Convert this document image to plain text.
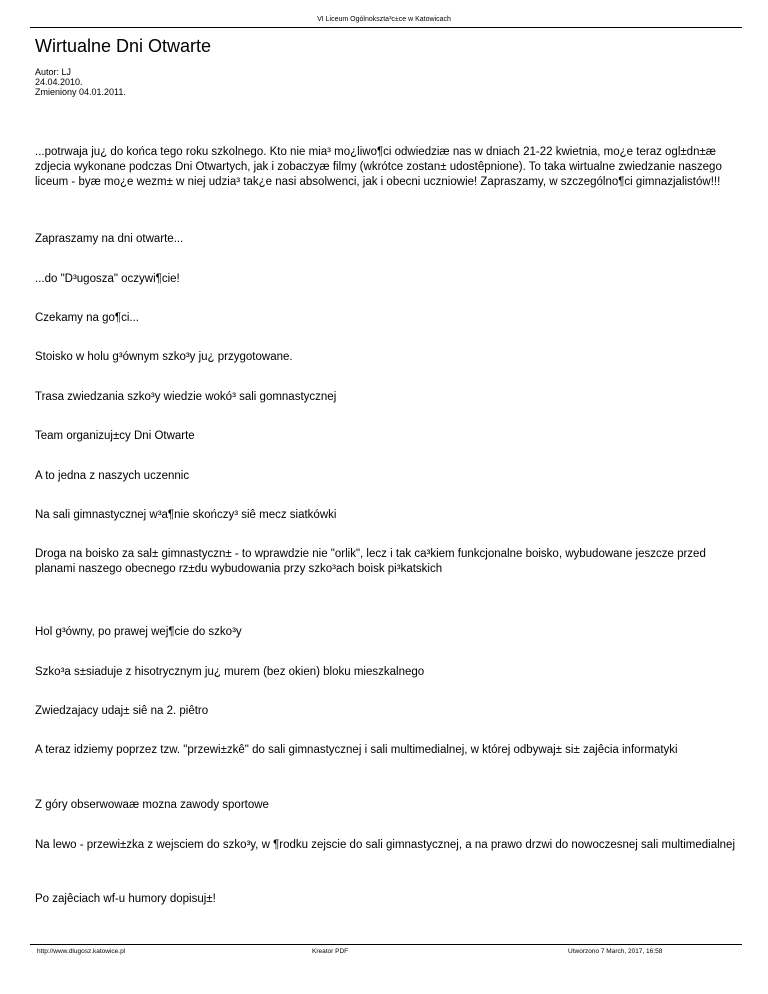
VI Liceum Ogólnokszta³c±ce w Katowicach
Wirtualne Dni Otwarte
Autor: LJ
24.04.2010.
Zmieniony 04.01.2011.

...potrwaja ju¿ do końca tego roku szkolnego. Kto nie mia³ mo¿liwo¶ci odwiedziæ nas w dniach 21-22 kwietnia, mo¿e teraz ogl±dn±æ zdjecia wykonane podczas Dni Otwartych, jak i zobaczyæ filmy (wkrótce zostan± udostêpnione). To taka wirtualne zwiedzanie naszego liceum - byæ mo¿e wezm± w niej udzia³ tak¿e nasi absolwenci, jak i obecni uczniowie! Zapraszamy, w szczególno¶ci gimnazjalistów!!!

Zapraszamy na dni otwarte...

...do "D³ugosza" oczywi¶cie!

Czekamy na go¶ci...

Stoisko w holu g³ównym szko³y ju¿ przygotowane.

Trasa zwiedzania szko³y wiedzie wokó³ sali gomnastycznej

Team organizuj±cy Dni Otwarte

A to jedna z naszych uczennic

Na sali gimnastycznej w³a¶nie skończy³ siê mecz siatkówki

Droga na boisko za sal± gimnastyczn± - to wprawdzie nie "orlik", lecz i tak ca³kiem funkcjonalne boisko, wybudowane jeszcze przed planami naszego obecnego rz±du wybudowania przy szko³ach boisk pi³katskich

Hol g³ówny, po prawej wej¶cie do szko³y

Szko³a s±siaduje z hisotrycznym ju¿ murem (bez okien) bloku mieszkalnego

Zwiedzajacy udaj± siê na 2. piêtro

A teraz idziemy poprzez tzw. "przewi±zkê" do sali gimnastycznej i sali multimedialnej, w której odbywaj± si± zajêcia informatyki

Z góry obserwowaæ mozna zawody sportowe

Na lewo - przewi±zka z wejsciem do szko³y, w ¶rodku zejscie do sali gimnastycznej, a na prawo drzwi do nowoczesnej sali multimedialnej

Po zajêciach wf-u humory dopisuj±!

http://www.dlugosz.katowice.pl	Kreator PDF	Utworzono 7 March, 2017, 16:58
